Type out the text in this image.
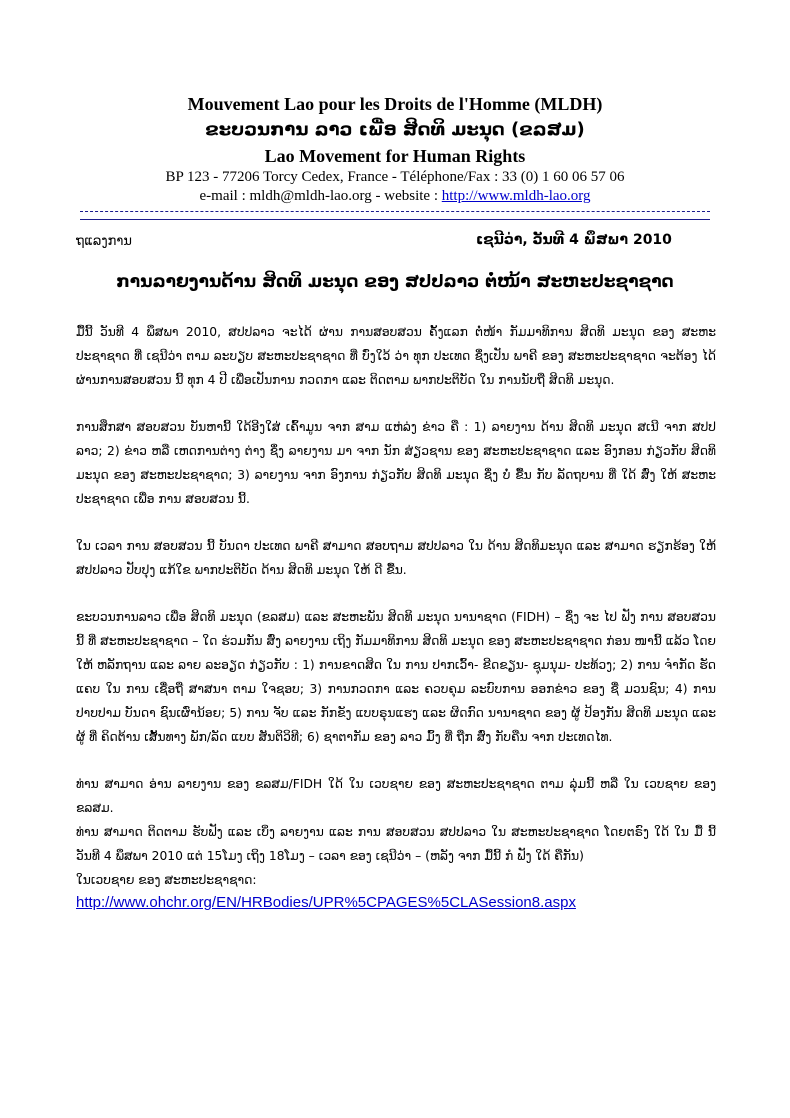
Mouvement Lao pour les Droits de l'Homme (MLDH)
ຂະບວນການ ລາວ ເພື່ອ ສິດທິ ມະນຸດ (ຂລສມ)
Lao Movement for Human Rights
BP 123 - 77206 Torcy Cedex, France - Téléphone/Fax : 33 (0) 1 60 06 57 06
e-mail : mldh@mldh-lao.org - website : http://www.mldh-lao.org
ຖແລງການ	ເຊນີວ່າ, ວັນທີ 4 ພຶສພາ 2010
ການລາຍງານດ້ານ ສິດທິ ມະນຸດ ຂອງ ສປປລາວ ຕໍ່ໜ້າ ສະຫະປະຊາຊາດ

ມື້ນີ້ ວັນທີ 4 ພຶສພາ 2010, ສປປລາວ ຈະໄດ້ ຜ່ານ ການສອບສວນ ຄັ້ງແລກ ຕໍ່ໜ້າ ກັມມາທິການ ສິດທິ ມະນຸດ ຂອງ ສະຫະປະຊາຊາດ ທີ່ ເຊນີວ່າ ຕາມ ລະບຽບ ສະຫະປະຊາຊາດ ທີ່ ບົ່ງໃວ້ ວ່າ ທຸກ ປະເທດ ຊຶ່ງເປັນ ພາຄີ ຂອງ ສະຫະປະຊາຊາດ ຈະຕ້ອງ ໄດ້ ຜ່ານການສອບສວນ ນີ້ ທຸກ 4 ປີ ເພື່ອເປັນການ ກວດກາ ແລະ ຕິດຕາມ ພາກປະຕິບັດ ໃນ ການນັບຖື ສິດທິ ມະນຸດ.

ການສຶກສາ ສອບສວນ ບັນຫານີ້ ໃດ້ອີງໃສ່ ເຄົ້າມູນ ຈາກ ສາມ ແຫ່ລ່ງ ຂ່າວ ຄື : 1) ລາຍງານ ດ້ານ ສິດທິ ມະນຸດ ສເນີ ຈາກ ສປປລາວ; 2) ຂ່າວ ຫລື ເຫດການຕ່າງ ຕ່າງ ຊຶ່ງ ລາຍງານ ມາ ຈາກ ນັກ ສ່ຽວຊານ ຂອງ ສະຫະປະຊາຊາດ ແລະ ອົງກອນ ກ່ຽວກັບ ສິດທິມະນຸດ ຂອງ ສະຫະປະຊາຊາດ; 3) ລາຍງານ ຈາກ ອົງການ ກ່ຽວກັບ ສິດທິ ມະນຸດ ຊຶ່ງ ບໍ່ ຂື້ນ ກັບ ລັດຖບານ ທີ່ ໃດ້ ສົ່ງ ໃຫ້ ສະຫະປະຊາຊາດ ເພື່ອ ການ ສອບສວນ ນີ້.

ໃນ ເວລາ ການ ສອບສວນ ນີ້ ບັນດາ ປະເທດ ພາຄີ ສາມາດ ສອບຖາມ ສປປລາວ ໃນ ດ້ານ ສິດທິມະນຸດ ແລະ ສາມາດ ຮຽກຮ້ອງ ໃຫ້ ສປປລາວ ປັບປຸງ ແກ້ໃຂ ພາກປະຕິບັດ ດ້ານ ສິດທິ ມະນຸດ ໃຫ້ ດີ ຂື້ນ.

ຂະບວນການລາວ ເພື່ອ ສິດທິ ມະນຸດ (ຂລສມ) ແລະ ສະຫະພັນ ສິດທິ ມະນຸດ ນານາຊາດ (FIDH) – ຊຶ່ງ ຈະ ໄປ ຟັງ ການ ສອບສວນ ນີ້ ທີ່ ສະຫະປະຊາຊາດ – ໃດ ຮ່ວມກັນ ສົ່ງ ລາຍງານ ເຖິງ ກັມມາທິການ ສິດທິ ມະນຸດ ຂອງ ສະຫະປະຊາຊາດ ກ່ອນ ໜານີ້ ແລ້ວ ໂດຍ ໃຫ້ ຫລັກຖານ ແລະ ລາຍ ລະອຽດ ກ່ຽວກັບ : 1) ການຂາດສິດ ໃນ ການ ປາກເວົ້າ- ຂີດຂຽນ- ຊຸມນຸມ- ປະທ້ວງ; 2) ການ ຈຳກັດ ຮັດແຄບ ໃນ ການ ເຊື່ອຖື ສາສນາ ຕາມ ໃຈຊອບ; 3) ການກວດກາ ແລະ ຄວບຄຸມ ລະບົບການ ອອກຂ່າວ ຂອງ ຊື່ ມວນຊົນ; 4) ການປາບປາມ ບັນດາ ຊົນເຜົ່ານ້ອຍ; 5) ການ ຈັບ ແລະ ກັກຂັງ ແບບຣຸນແຮງ ແລະ ຜິດກົດ ນານາຊາດ ຂອງ ຜູ້ ປ້ອງກັນ ສິດທິ ມະນຸດ ແລະ ຜູ້ ທີ່ ຄິດຕ້ານ ເສັ້ນທາງ ພັກ/ລັດ ແບບ ສັນຕິວິທີ; 6) ຊາຕາກັມ ຂອງ ລາວ ມົ້ງ ທີ່ ຖືກ ສົ່ງ ກັບຄືນ ຈາກ ປະເທດໄທ.

ທ່ານ ສາມາດ ອ່ານ ລາຍງານ ຂອງ ຂລສມ/FIDH ໃດ້ ໃນ ເວບຊາຍ ຂອງ ສະຫະປະຊາຊາດ ຕາມ ລຸ່ມນີ້ ຫລື ໃນ ເວບຊາຍ ຂອງ ຂລສມ.

ທ່ານ ສາມາດ ຕິດຕາມ ຮັບຟັງ ແລະ ເບິ່ງ ລາຍງານ ແລະ ການ ສອບສວນ ສປປລາວ ໃນ ສະຫະປະຊາຊາດ ໂດຍຕຣົງ ໃດ້ ໃນ ມື້ ນີ້ ວັນທີ 4 ພຶສພາ 2010 ແຕ່ 15ໂມງ ເຖິງ 18ໂມງ – ເວລາ ຂອງ ເຊນີວ່າ – (ຫລັງ ຈາກ ມື້ນີ້ ກໍ ຟັງ ໃດ້ ຄືກັນ)

ໃນເວບຊາຍ ຂອງ ສະຫະປະຊາຊາດ:

http://www.ohchr.org/EN/HRBodies/UPR%5CPAGES%5CLASession8.aspx
